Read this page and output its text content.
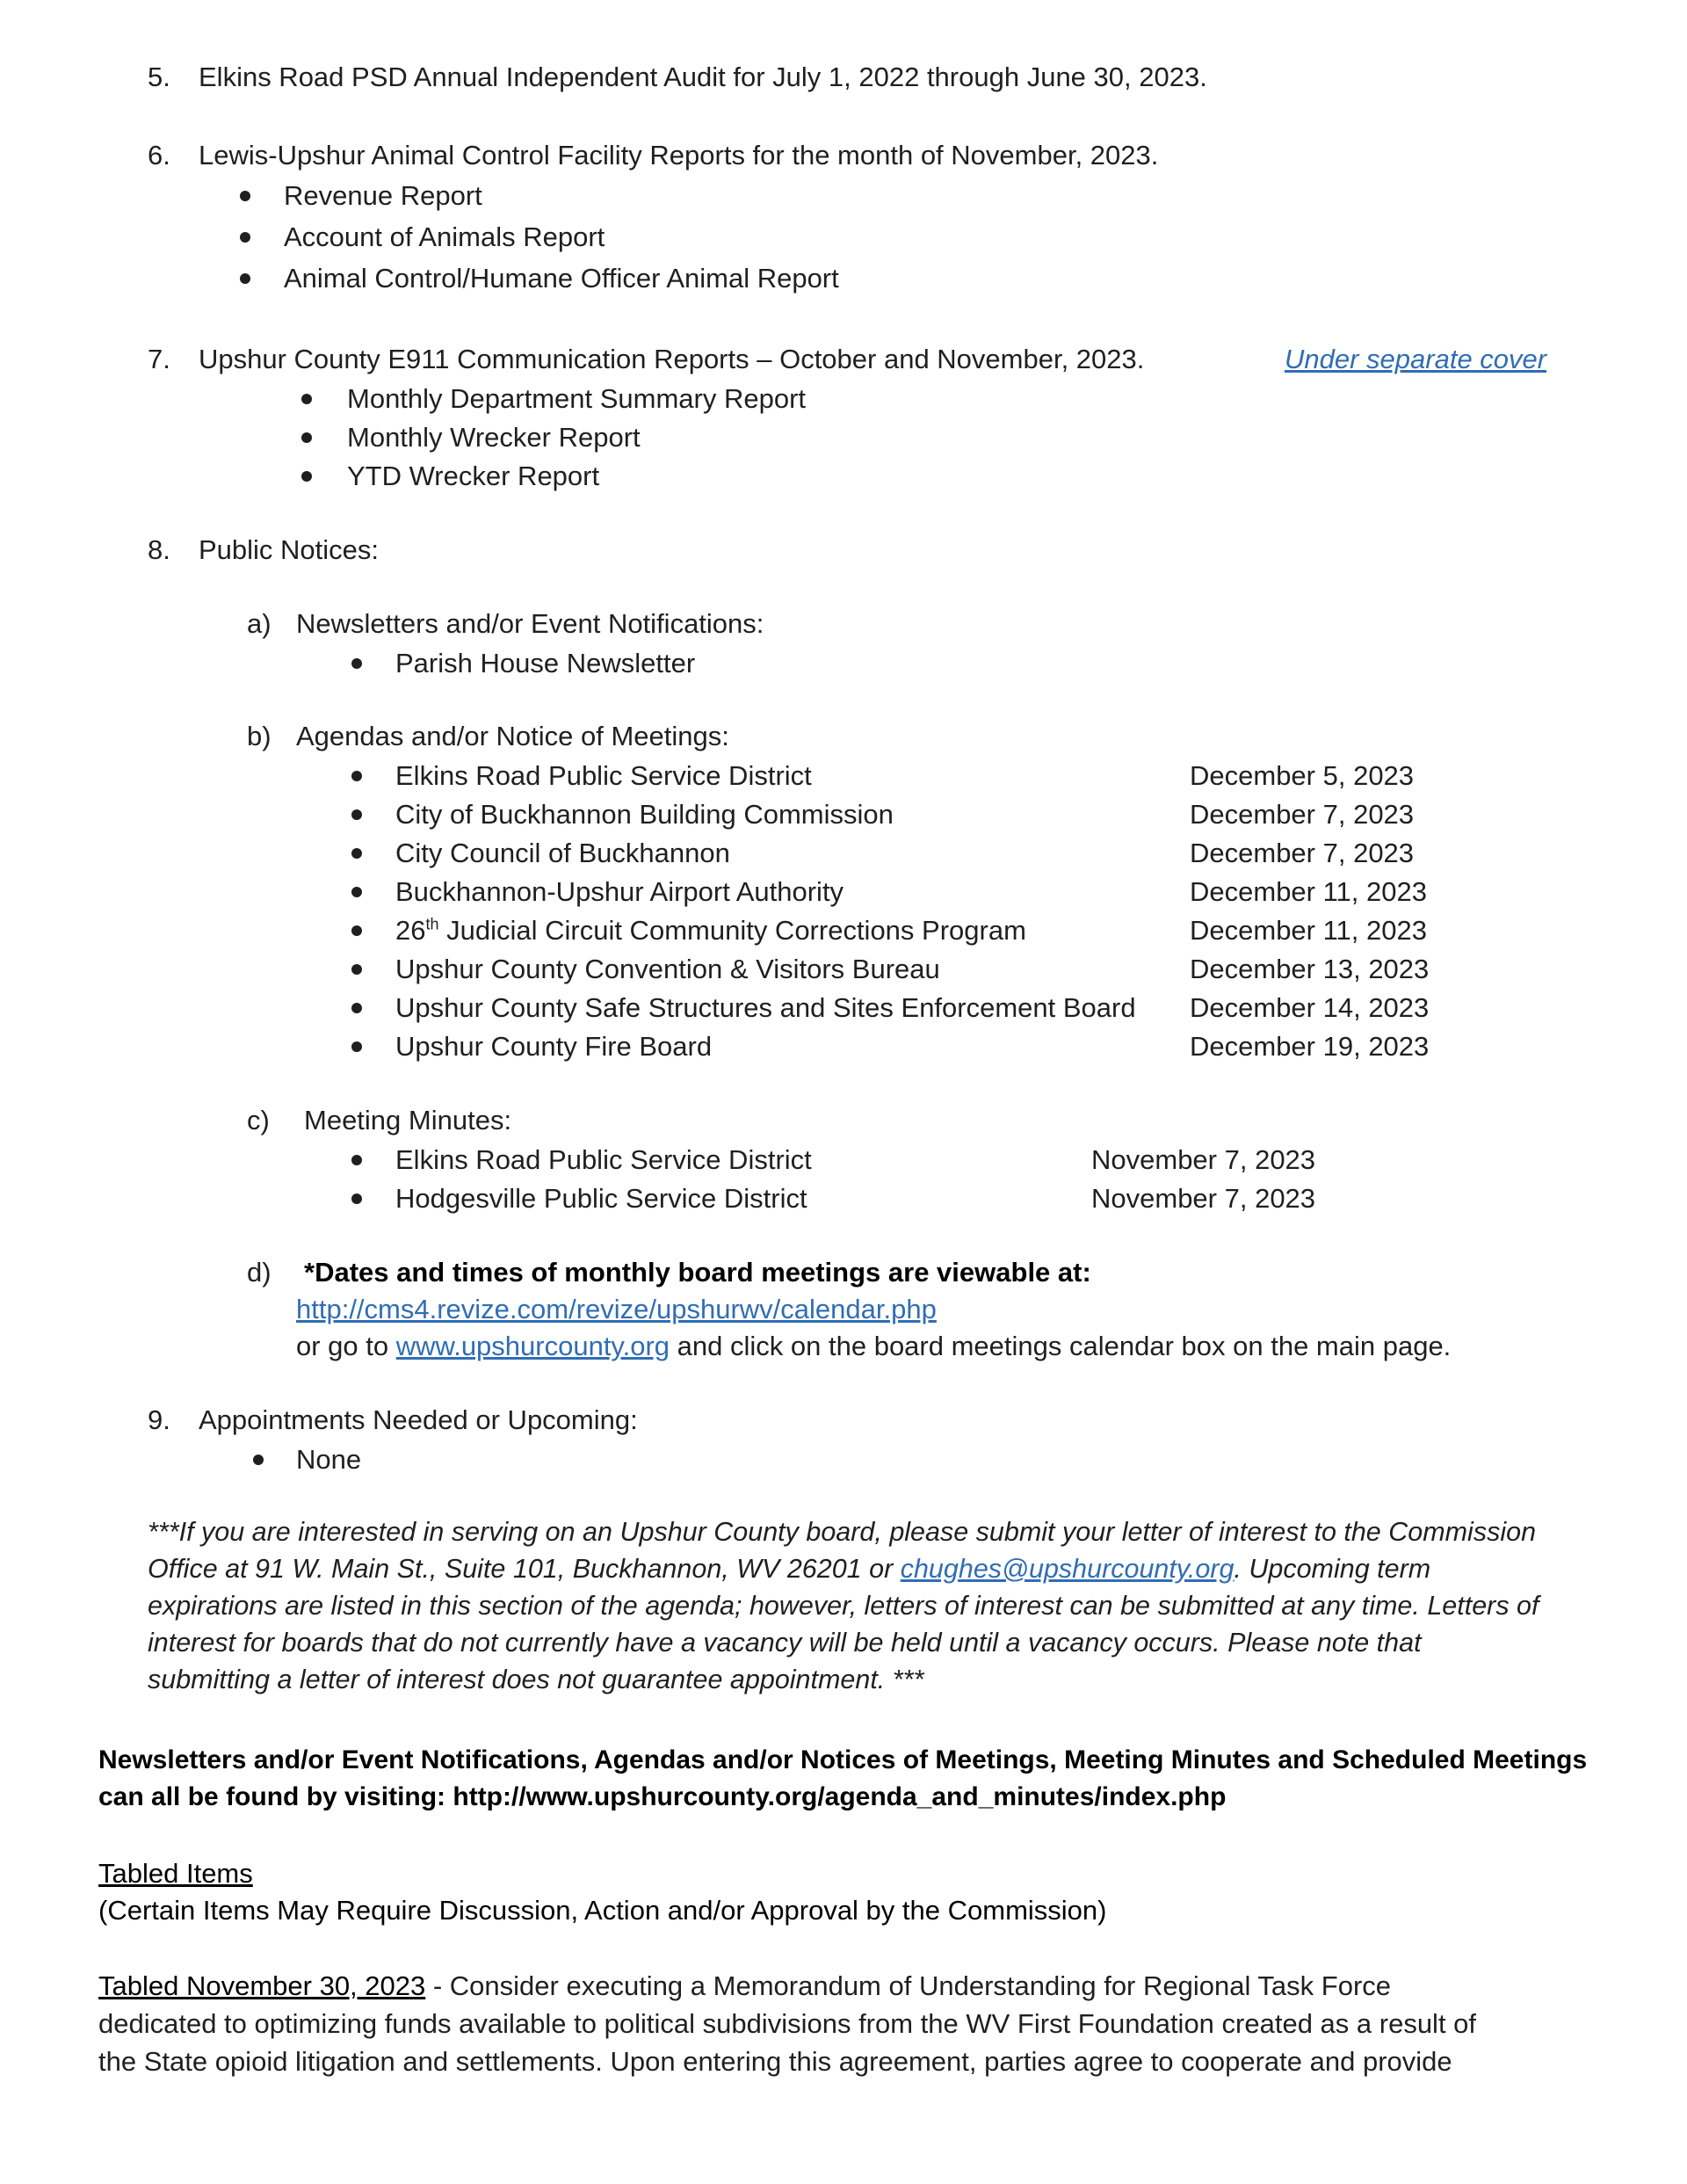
5. Elkins Road PSD Annual Independent Audit for July 1, 2022 through June 30, 2023.
6. Lewis-Upshur Animal Control Facility Reports for the month of November, 2023.
Revenue Report
Account of Animals Report
Animal Control/Humane Officer Animal Report
7. Upshur County E911 Communication Reports – October and November, 2023.	Under separate cover
Monthly Department Summary Report
Monthly Wrecker Report
YTD Wrecker Report
8. Public Notices:
a) Newsletters and/or Event Notifications:
Parish House Newsletter
b) Agendas and/or Notice of Meetings:
Elkins Road Public Service District	December 5, 2023
City of Buckhannon Building Commission	December 7, 2023
City Council of Buckhannon	December 7, 2023
Buckhannon-Upshur Airport Authority	December 11, 2023
26th Judicial Circuit Community Corrections Program	December 11, 2023
Upshur County Convention & Visitors Bureau	December 13, 2023
Upshur County Safe Structures and Sites Enforcement Board December 14, 2023
Upshur County Fire Board	December 19, 2023
c) Meeting Minutes:
Elkins Road Public Service District	November 7, 2023
Hodgesville Public Service District	November 7, 2023
d) *Dates and times of monthly board meetings are viewable at:
http://cms4.revize.com/revize/upshurwv/calendar.php
or go to www.upshurcounty.org and click on the board meetings calendar box on the main page.
9. Appointments Needed or Upcoming:
None
***If you are interested in serving on an Upshur County board, please submit your letter of interest to the Commission
Office at 91 W. Main St., Suite 101, Buckhannon, WV 26201 or chughes@upshurcounty.org. Upcoming term
expirations are listed in this section of the agenda; however, letters of interest can be submitted at any time. Letters of
interest for boards that do not currently have a vacancy will be held until a vacancy occurs. Please note that
submitting a letter of interest does not guarantee appointment. ***
Newsletters and/or Event Notifications, Agendas and/or Notices of Meetings, Meeting Minutes and Scheduled Meetings
can all be found by visiting: http://www.upshurcounty.org/agenda_and_minutes/index.php
Tabled Items
(Certain Items May Require Discussion, Action and/or Approval by the Commission)
Tabled November 30, 2023 - Consider executing a Memorandum of Understanding for Regional Task Force
dedicated to optimizing funds available to political subdivisions from the WV First Foundation created as a result of
the State opioid litigation and settlements. Upon entering this agreement, parties agree to cooperate and provide
